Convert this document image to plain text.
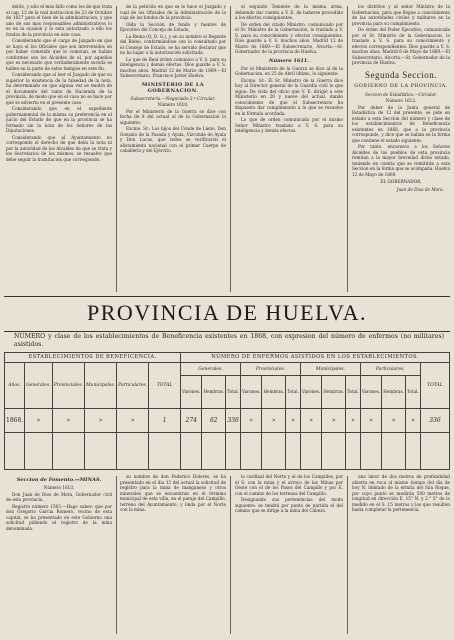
delito, y sólo el más fallo como los de que trata el cap. 12 de la real instruccion de 23 de Octubre de 1827 para el bien de la administracion, y que uno de sus mas responsables administrativos lo es en la ocasion y lo esta autorizado a ello los fondos de la provincia en este caso.

Considerando que el cargo de Juzgado en que se haya el los Oficiales que son intervenidos en por haber cometido que lo cometan, se hallan conformes son los Alcaldes de el, por aquellos que es necesario que verdaderamente suceda se hallen en la parte de estos tiempos en este fin.

Considerando que al leer el Juzgado de que su superior la existencia de la falsedad de la nota, ha determinado en que alguna vez se tendrá de el documento del ramo de Hacienda de la provincia, de modo que en el caso no se hace por qué se advierta en el presente caso.

Considerando que en el expediente gubernamental de la misma su preferencia en el juicio del Estado de que en la provincia se ha formado sin la nota de los Señores de las Diputaciones.

Considerando que al Ayuntamiento no corresponde el derecho de que deba la nota ni por la autoridad de los Alcaldes de que se trata y los Secretarios de los mismos, se resuelve que debe seguir la tramitacion que corresponde.

de la petición en que se le hace el Juzgado y cual de los Oficiales de la Administración de la caja de los fondos de la provincia.

Oída la Sección de fondo y fuentes de Ejecutivo del Concejo de Estado,

La Reina (Q. D. G.), y en su nombre el Regente del Reino, conformándose con lo consultado por el Consejo de Estado, se ha servido declarar que no ha lugar a la autorización solicitada.

Lo que de Real órden comunico a V. S. para su inteligencia y demás efectos. Dios guarde a V. S. muchos años. Madrid 12 de Marzo de 1869.—El Subsecretario, Francisco Javier Huelva.

MINISTERIO DE LA GOBERNACION.

Subsecretaría.—Negociado 3.º Circular.

Número 1610.

Por el Ministerio de la Guerra se dice con fecha de 8 del actual al de la Gobernacion lo siguiente:

Excmo. Sr.: Los hijos del Conde de Lieno, Don Gonzalo de la Pasada y Ayala, Vizconde de Ayala y Don Lucas, que todos se verificaron el alistamiento nacional con el primer Cuerpo de caballería y del Ejército.

el segundo Teniente de la misma arma, debiendo dar cuenta a V. E. de haberse procedido a los efectos consiguientes.

De orden del citado Ministro, comunicado por el Sr. Ministro de la Gobernacion, lo traslado a V. S. para su conocimiento y efectos consiguientes. Dios guarde a V. S. muchos años. Madrid 12 de Marzo de 1869.—El Subsecretario, Alcorta.—Sr. Gobernador de la provincia de Huelva.

Número 1611.

Por el Ministerio de la Guerra se dice al de la Gobernacion, en 25 de Abril último, lo siguiente:

Excmo. Sr.: El Sr. Ministro de la Guerra dice hoy al Director general de la Guardia civil lo que sigue: De vista del oficio que V. E. dirigió a este Ministerio en 20 y nueve del actual, dando conocimiento de que el Subsecretario ha dispuesto dar cumplimiento a lo que se resuelve en la fórmula acordada.

Lo que de orden comunicada por el mismo Señor Ministro traslado a V. S. para su inteligencia y demás efectos.

los distritos y al señor Ministro de la Gobernacion, para que llegue a conocimiento de las autoridades civiles y militares en la provincia para su cumplimiento.

De órden del Poder Ejecutivo, comunicada por el Sr. Ministro de la Gobernacion, lo traslado a V. S. para su conocimiento y efectos correspondientes. Dios guarde a V. S. muchos años. Madrid 6 de Mayo de 1869.—El Subsecretario, Alcorta.—Sr. Gobernador de la provincia de Huelva.

Segunda Seccion.
GOBIERNO DE LA PROVINCIA.

Seccion de Estadística.—Circular.

Número 1612.

Por deber de la Junta general de Estadística de 12 del presente, se pide en estado a esta Seccion del número y clase de los establecimientos de Beneficencia existentes en 1868, que a la provincia corresponde, y dice que se hallan en la forma que contiene el estado siguiente.

Por tanto, encarezco a los Señores Alcaldes de los pueblos de esta provincia remitan a la mayor brevedad dicho estado, teniendo en cuenta que se remitirán a esta Seccion en la forma que se acompaña. Huelva 12 de Mayo de 1869.

EL GOBERNADOR,

Juan de Dios de Mora.

PROVINCIA DE HUELVA.
NÚMERO y clase de los establecimientos de Beneficencia existentes en 1868, con expresion del número de enfermos (no militares) asistidos.
ESTABLECIMIENTOS DE BENEFICENCIA.						NÚMERO DE ENFERMOS ASISTIDOS EN LOS ESTABLECIMIENTOS.												
Años.	Generales.	Provinciales.	Municipales.	Particulares.	TOTAL	Generales.			Provinciales.			Municipales.			Particulares.			TOTAL
						Varones.	Hembras.	Total.	Varones.	Hembras.	Total.	Varones.	Hembras.	Total.	Varones.	Hembras.	Total.	
1868.	»	»	»	»	1	274	62	336	»	»	»	»	»	»	»	»	»	336

Seccion de Fomento.—MINAS.

Número 1613.

Don Juan de Dios de Mora, Gobernador civil de esta provincia.

Registro número 1503.—Hago saber: que por don Gregorio Garcia Romero, vecino de esta capital, se ha presentado en este Gobierno una solicitud pidiendo el registro de la mina denominada.

su nombre de don Federico Dolores, se ha presentado en el dia 12 del actual la solicitud de registro para la mina de manganeso y otros minerales que se encuentran en el término municipal de esta villa, en el paraje del Campillo, terreno del Ayuntamiento, y linda por el Norte con la mina.

lo cardinal del Norte y el de los Campillos, por el S. con la mina y el arroyo de las Minas por Oeste con el de los Pasos del Campillo y por E. con el camino de los terrenos del Campillo.

Designando sus pertenencias del modo siguiente: se tendrá por punto de partida el del camino que se dirige a la mina del Cabezo.

una labor de dos metros de profundidad abierta en roca al mismo tiempo del dia de hoy N. limitado de la ermita del San Roque, por cuyo punto se medirán 500 metros de longitud en dirección E. 15° N. y 2.° 5° de lo medido en el S. 15 metros y los que resulten hasta completar la pertenencia.
